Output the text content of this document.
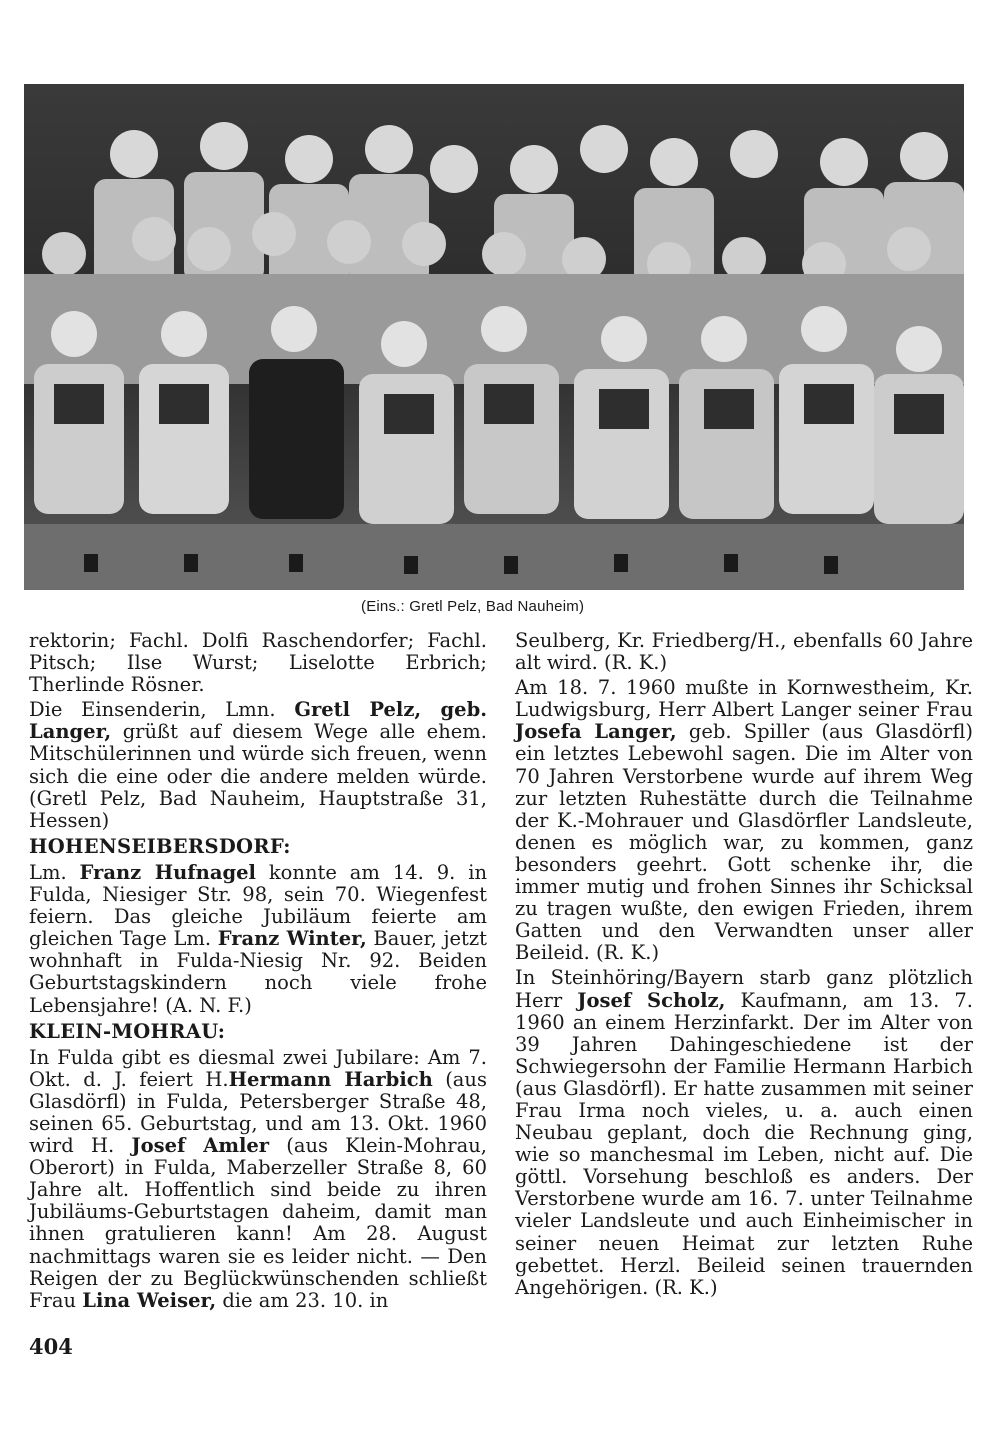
(Eins.: Gretl Pelz, Bad Nauheim)

rektorin; Fachl. Dolfi Raschendorfer; Fachl. Pitsch; Ilse Wurst; Liselotte Erbrich; Therlinde Rösner.

Die Einsenderin, Lmn. Gretl Pelz, geb. Langer, grüßt auf diesem Wege alle ehem. Mitschülerinnen und würde sich freuen, wenn sich die eine oder die andere melden würde. (Gretl Pelz, Bad Nauheim, Hauptstraße 31, Hessen)

HOHENSEIBERSDORF:

Lm. Franz Hufnagel konnte am 14. 9. in Fulda, Niesiger Str. 98, sein 70. Wiegenfest feiern. Das gleiche Jubiläum feierte am gleichen Tage Lm. Franz Winter, Bauer, jetzt wohnhaft in Fulda-Niesig Nr. 92. Beiden Geburtstagskindern noch viele frohe Lebensjahre! (A. N. F.)

KLEIN-MOHRAU:

In Fulda gibt es diesmal zwei Jubilare: Am 7. Okt. d. J. feiert H.Hermann Harbich (aus Glasdörfl) in Fulda, Petersberger Straße 48, seinen 65. Geburtstag, und am 13. Okt. 1960 wird H. Josef Amler (aus Klein-Mohrau, Oberort) in Fulda, Maberzeller Straße 8, 60 Jahre alt. Hoffentlich sind beide zu ihren Jubiläums-Geburtstagen daheim, damit man ihnen gratulieren kann! Am 28. August nachmittags waren sie es leider nicht. — Den Reigen der zu Beglückwünschenden schließt Frau Lina Weiser, die am 23. 10. in

Seulberg, Kr. Friedberg/H., ebenfalls 60 Jahre alt wird. (R. K.)

Am 18. 7. 1960 mußte in Kornwestheim, Kr. Ludwigsburg, Herr Albert Langer seiner Frau Josefa Langer, geb. Spiller (aus Glasdörfl) ein letztes Lebewohl sagen. Die im Alter von 70 Jahren Verstorbene wurde auf ihrem Weg zur letzten Ruhestätte durch die Teilnahme der K.-Mohrauer und Glasdörfler Landsleute, denen es möglich war, zu kommen, ganz besonders geehrt. Gott schenke ihr, die immer mutig und frohen Sinnes ihr Schicksal zu tragen wußte, den ewigen Frieden, ihrem Gatten und den Verwandten unser aller Beileid. (R. K.)

In Steinhöring/Bayern starb ganz plötzlich Herr Josef Scholz, Kaufmann, am 13. 7. 1960 an einem Herzinfarkt. Der im Alter von 39 Jahren Dahingeschiedene ist der Schwiegersohn der Familie Hermann Harbich (aus Glasdörfl). Er hatte zusammen mit seiner Frau Irma noch vieles, u. a. auch einen Neubau geplant, doch die Rechnung ging, wie so manchesmal im Leben, nicht auf. Die göttl. Vorsehung beschloß es anders. Der Verstorbene wurde am 16. 7. unter Teilnahme vieler Landsleute und auch Einheimischer in seiner neuen Heimat zur letzten Ruhe gebettet. Herzl. Beileid seinen trauernden Angehörigen. (R. K.)

404
